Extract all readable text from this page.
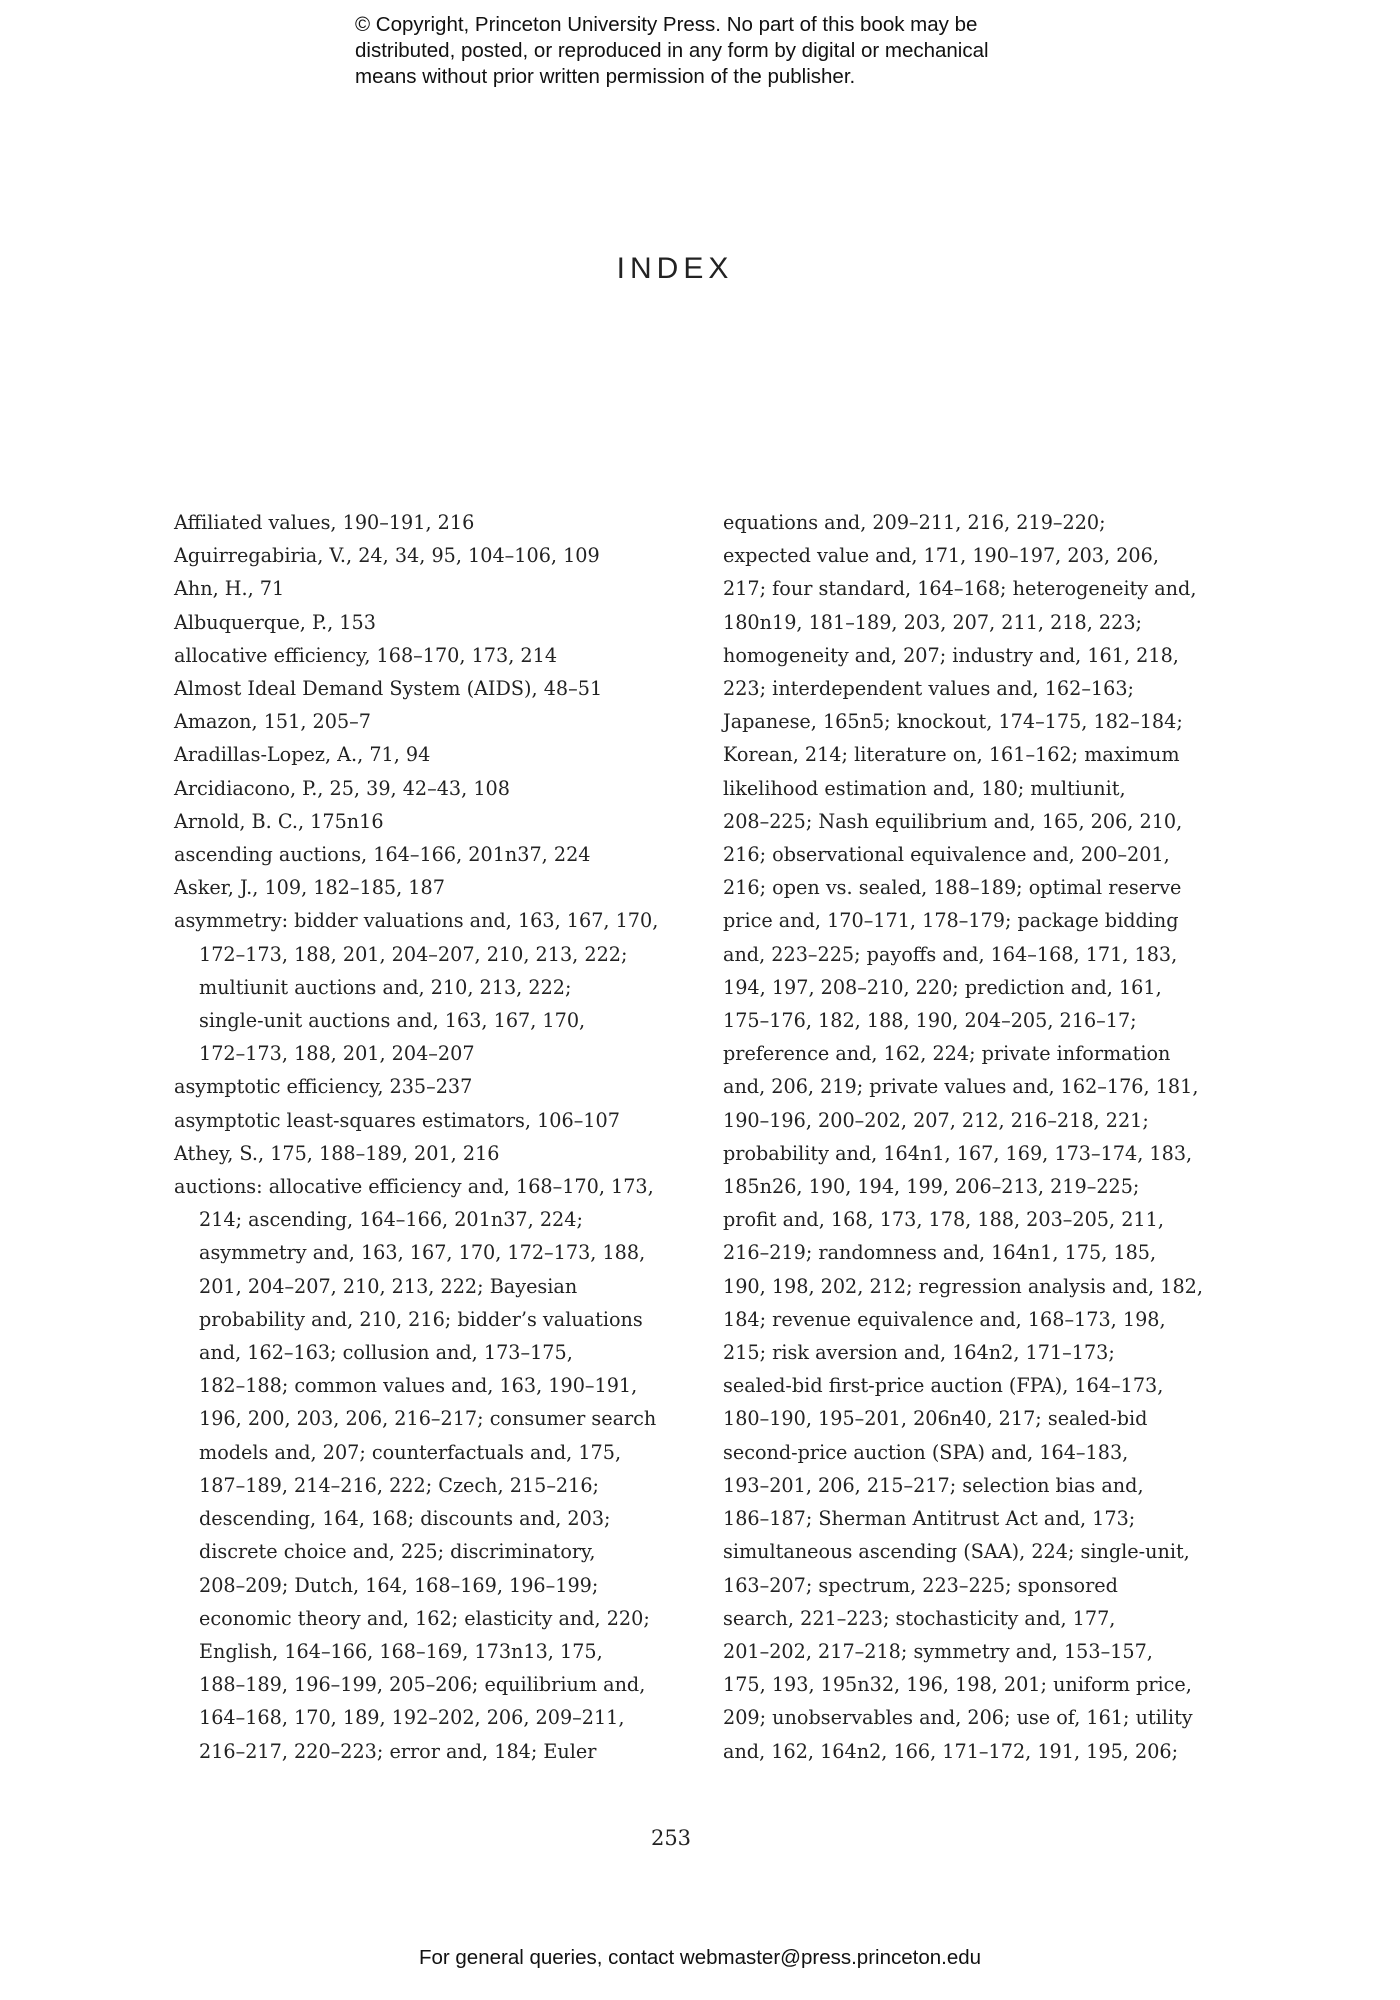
© Copyright, Princeton University Press. No part of this book may be
distributed, posted, or reproduced in any form by digital or mechanical
means without prior written permission of the publisher.
INDEX
Affiliated values, 190–191, 216
Aguirregabiria, V., 24, 34, 95, 104–106, 109
Ahn, H., 71
Albuquerque, P., 153
allocative efficiency, 168–170, 173, 214
Almost Ideal Demand System (AIDS), 48–51
Amazon, 151, 205–7
Aradillas-Lopez, A., 71, 94
Arcidiacono, P., 25, 39, 42–43, 108
Arnold, B. C., 175n16
ascending auctions, 164–166, 201n37, 224
Asker, J., 109, 182–185, 187
asymmetry: bidder valuations and, 163, 167, 170,
172–173, 188, 201, 204–207, 210, 213, 222;
multiunit auctions and, 210, 213, 222;
single-unit auctions and, 163, 167, 170,
172–173, 188, 201, 204–207
asymptotic efficiency, 235–237
asymptotic least-squares estimators, 106–107
Athey, S., 175, 188–189, 201, 216
auctions: allocative efficiency and, 168–170, 173,
214; ascending, 164–166, 201n37, 224;
asymmetry and, 163, 167, 170, 172–173, 188,
201, 204–207, 210, 213, 222; Bayesian
probability and, 210, 216; bidder’s valuations
and, 162–163; collusion and, 173–175,
182–188; common values and, 163, 190–191,
196, 200, 203, 206, 216–217; consumer search
models and, 207; counterfactuals and, 175,
187–189, 214–216, 222; Czech, 215–216;
descending, 164, 168; discounts and, 203;
discrete choice and, 225; discriminatory,
208–209; Dutch, 164, 168–169, 196–199;
economic theory and, 162; elasticity and, 220;
English, 164–166, 168–169, 173n13, 175,
188–189, 196–199, 205–206; equilibrium and,
164–168, 170, 189, 192–202, 206, 209–211,
216–217, 220–223; error and, 184; Euler
equations and, 209–211, 216, 219–220;
expected value and, 171, 190–197, 203, 206,
217; four standard, 164–168; heterogeneity and,
180n19, 181–189, 203, 207, 211, 218, 223;
homogeneity and, 207; industry and, 161, 218,
223; interdependent values and, 162–163;
Japanese, 165n5; knockout, 174–175, 182–184;
Korean, 214; literature on, 161–162; maximum
likelihood estimation and, 180; multiunit,
208–225; Nash equilibrium and, 165, 206, 210,
216; observational equivalence and, 200–201,
216; open vs. sealed, 188–189; optimal reserve
price and, 170–171, 178–179; package bidding
and, 223–225; payoffs and, 164–168, 171, 183,
194, 197, 208–210, 220; prediction and, 161,
175–176, 182, 188, 190, 204–205, 216–17;
preference and, 162, 224; private information
and, 206, 219; private values and, 162–176, 181,
190–196, 200–202, 207, 212, 216–218, 221;
probability and, 164n1, 167, 169, 173–174, 183,
185n26, 190, 194, 199, 206–213, 219–225;
profit and, 168, 173, 178, 188, 203–205, 211,
216–219; randomness and, 164n1, 175, 185,
190, 198, 202, 212; regression analysis and, 182,
184; revenue equivalence and, 168–173, 198,
215; risk aversion and, 164n2, 171–173;
sealed-bid first-price auction (FPA), 164–173,
180–190, 195–201, 206n40, 217; sealed-bid
second-price auction (SPA) and, 164–183,
193–201, 206, 215–217; selection bias and,
186–187; Sherman Antitrust Act and, 173;
simultaneous ascending (SAA), 224; single-unit,
163–207; spectrum, 223–225; sponsored
search, 221–223; stochasticity and, 177,
201–202, 217–218; symmetry and, 153–157,
175, 193, 195n32, 196, 198, 201; uniform price,
209; unobservables and, 206; use of, 161; utility
and, 162, 164n2, 166, 171–172, 191, 195, 206;
253
For general queries, contact webmaster@press.princeton.edu
